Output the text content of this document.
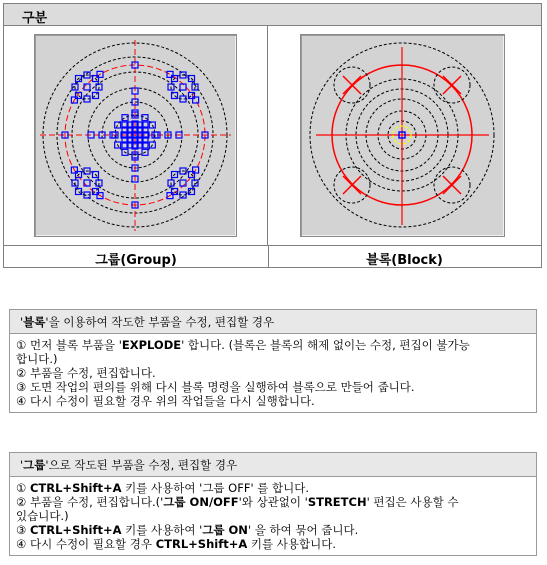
구분
그룹(Group)	블록(Block)
'블록'을 이용하여 작도한 부품을 수정, 편집할 경우
① 먼저 블록 부품을 'EXPLODE' 합니다. (블록은 블록의 해제 없이는 수정, 편집이 불가능
합니다.)
② 부품을 수정, 편집합니다.
③ 도면 작업의 편의를 위해 다시 블록 명령을 실행하여 블록으로 만들어 줍니다.
④ 다시 수정이 필요할 경우 위의 작업들을 다시 실행합니다.
'그룹'으로 작도된 부품을 수정, 편집할 경우
① CTRL+Shift+A 키를 사용하여 '그룹 OFF' 를 합니다.
② 부품을 수정, 편집합니다.('그룹 ON/OFF'와 상관없이 'STRETCH' 편집은 사용할 수
있습니다.)
③ CTRL+Shift+A 키를 사용하여 '그룹 ON' 을 하여 묶어 줍니다.
④ 다시 수정이 필요할 경우 CTRL+Shift+A 키를 사용합니다.
